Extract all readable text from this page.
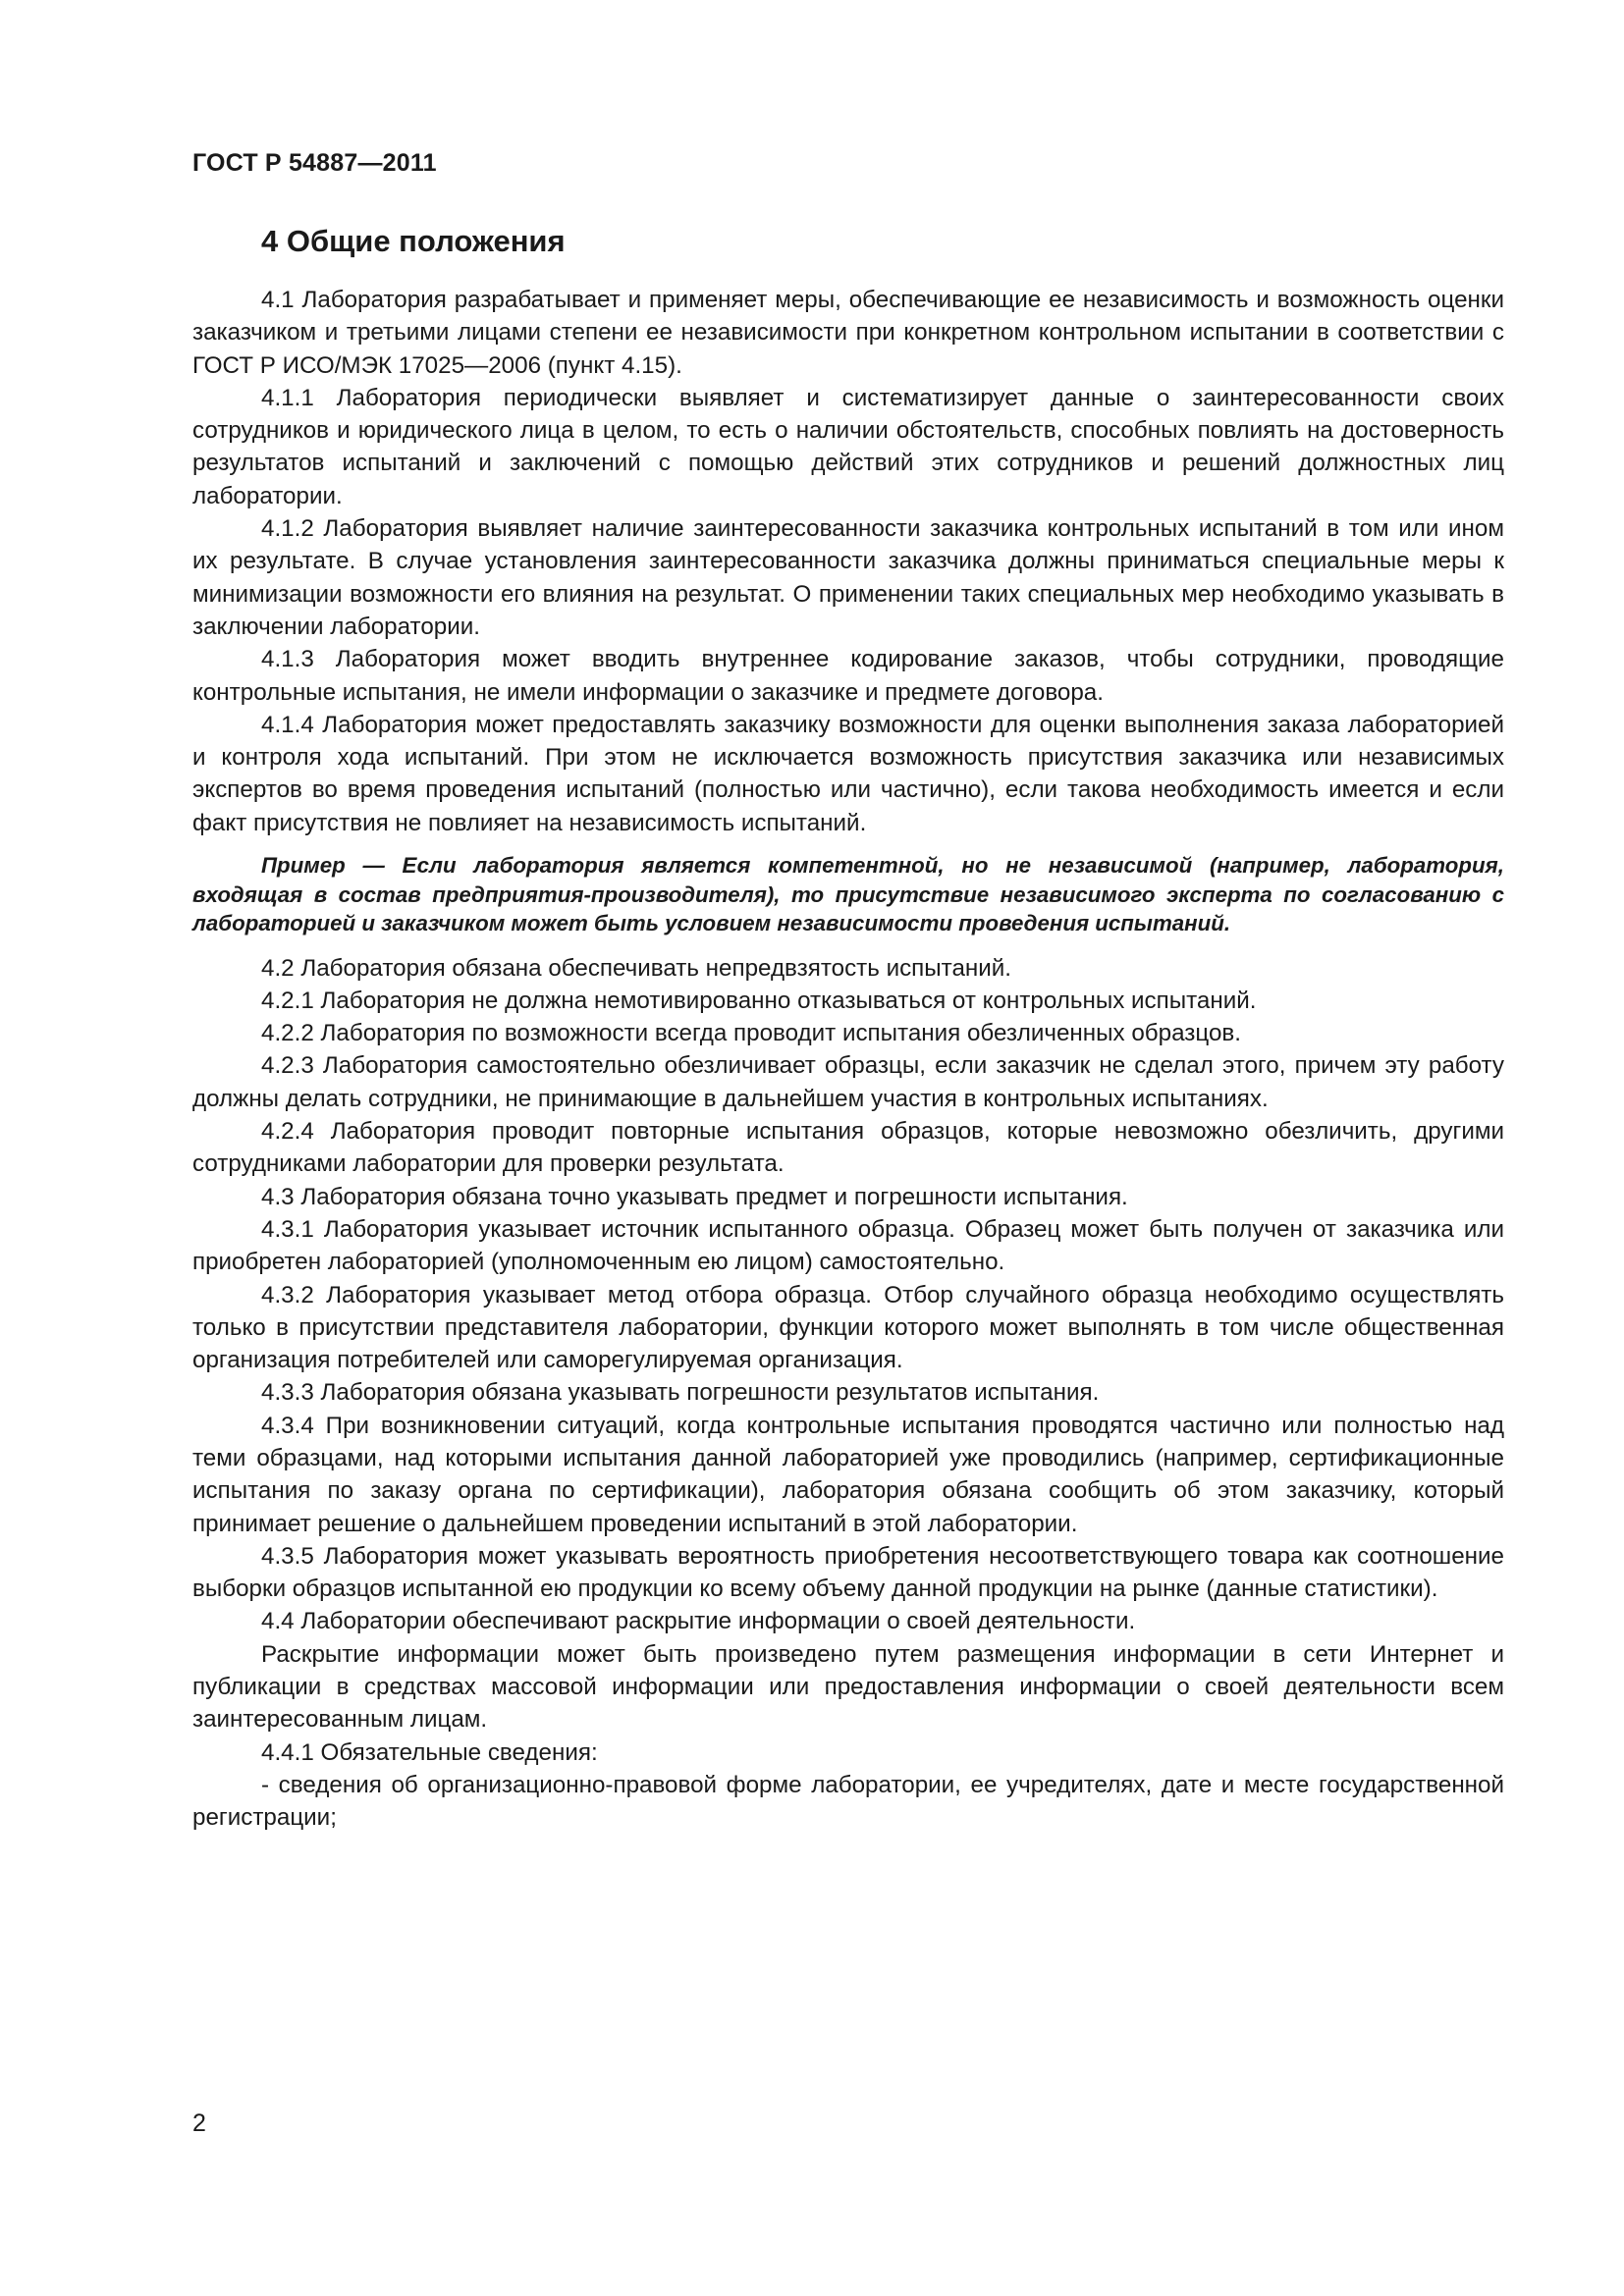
ГОСТ Р 54887—2011
4 Общие положения

4.1 Лаборатория разрабатывает и применяет меры, обеспечивающие ее независимость и возможность оценки заказчиком и третьими лицами степени ее независимости при конкретном контрольном испытании в соответствии с ГОСТ Р ИСО/МЭК 17025—2006 (пункт 4.15).

4.1.1 Лаборатория периодически выявляет и систематизирует данные о заинтересованности своих сотрудников и юридического лица в целом, то есть о наличии обстоятельств, способных повлиять на достоверность результатов испытаний и заключений с помощью действий этих сотрудников и решений должностных лиц лаборатории.

4.1.2 Лаборатория выявляет наличие заинтересованности заказчика контрольных испытаний в том или ином их результате. В случае установления заинтересованности заказчика должны приниматься специальные меры к минимизации возможности его влияния на результат. О применении таких специальных мер необходимо указывать в заключении лаборатории.

4.1.3 Лаборатория может вводить внутреннее кодирование заказов, чтобы сотрудники, проводящие контрольные испытания, не имели информации о заказчике и предмете договора.

4.1.4 Лаборатория может предоставлять заказчику возможности для оценки выполнения заказа лабораторией и контроля хода испытаний. При этом не исключается возможность присутствия заказчика или независимых экспертов во время проведения испытаний (полностью или частично), если такова необходимость имеется и если факт присутствия не повлияет на независимость испытаний.

Пример — Если лаборатория является компетентной, но не независимой (например, лаборатория, входящая в состав предприятия-производителя), то присутствие независимого эксперта по согласованию с лабораторией и заказчиком может быть условием независимости проведения испытаний.

4.2 Лаборатория обязана обеспечивать непредвзятость испытаний.

4.2.1 Лаборатория не должна немотивированно отказываться от контрольных испытаний.

4.2.2 Лаборатория по возможности всегда проводит испытания обезличенных образцов.

4.2.3 Лаборатория самостоятельно обезличивает образцы, если заказчик не сделал этого, причем эту работу должны делать сотрудники, не принимающие в дальнейшем участия в контрольных испытаниях.

4.2.4 Лаборатория проводит повторные испытания образцов, которые невозможно обезличить, другими сотрудниками лаборатории для проверки результата.

4.3 Лаборатория обязана точно указывать предмет и погрешности испытания.

4.3.1 Лаборатория указывает источник испытанного образца. Образец может быть получен от заказчика или приобретен лабораторией (уполномоченным ею лицом) самостоятельно.

4.3.2 Лаборатория указывает метод отбора образца. Отбор случайного образца необходимо осуществлять только в присутствии представителя лаборатории, функции которого может выполнять в том числе общественная организация потребителей или саморегулируемая организация.

4.3.3 Лаборатория обязана указывать погрешности результатов испытания.

4.3.4 При возникновении ситуаций, когда контрольные испытания проводятся частично или полностью над теми образцами, над которыми испытания данной лабораторией уже проводились (например, сертификационные испытания по заказу органа по сертификации), лаборатория обязана сообщить об этом заказчику, который принимает решение о дальнейшем проведении испытаний в этой лаборатории.

4.3.5 Лаборатория может указывать вероятность приобретения несоответствующего товара как соотношение выборки образцов испытанной ею продукции ко всему объему данной продукции на рынке (данные статистики).

4.4 Лаборатории обеспечивают раскрытие информации о своей деятельности.

Раскрытие информации может быть произведено путем размещения информации в сети Интернет и публикации в средствах массовой информации или предоставления информации о своей деятельности всем заинтересованным лицам.

4.4.1 Обязательные сведения:

- сведения об организационно-правовой форме лаборатории, ее учредителях, дате и месте государственной регистрации;

2
